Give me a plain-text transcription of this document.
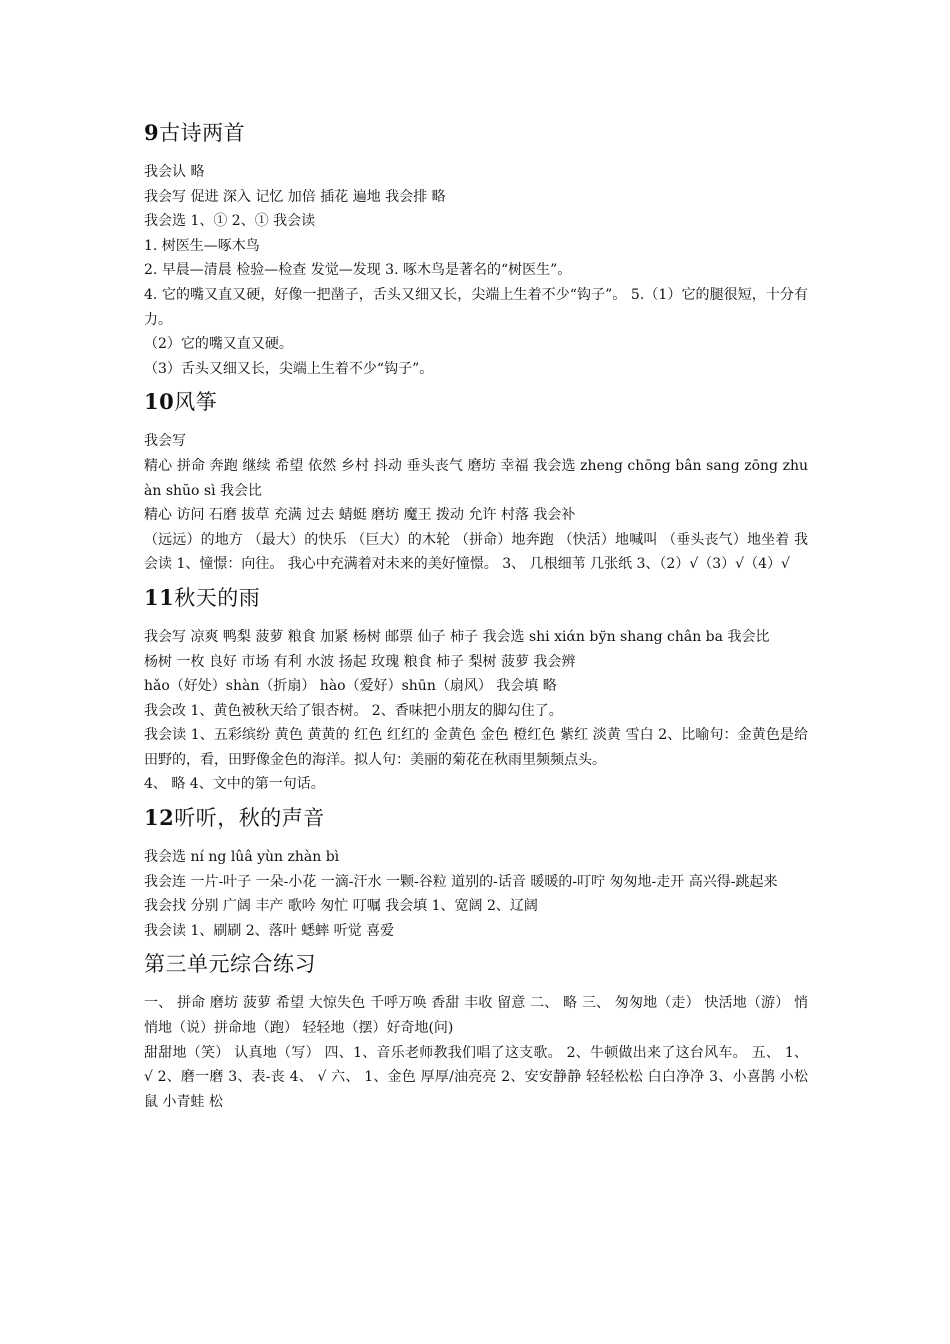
9古诗两首

我会认 略

我会写 促进 深入 记忆 加倍 插花 遍地 我会排 略

我会选 1、① 2、① 我会读

1. 树医生—啄木鸟

2. 早晨—清晨 检验—检查 发觉—发现 3. 啄木鸟是著名的“树医生”。

4. 它的嘴又直又硬，好像一把凿子，舌头又细又长，尖端上生着不少“钩子”。 5.（1）它的腿很短，十分有力。

（2）它的嘴又直又硬。

（3）舌头又细又长，尖端上生着不少“钩子”。

10风筝

我会写

精心 拼命 奔跑 继续 希望 依然 乡村 抖动 垂头丧气 磨坊 幸福 我会选 zheng chōng bân sang zōng zhuàn shŭo sì 我会比

精心 访问 石磨 拔草 充满 过去 蜻蜓 磨坊 魔王 拨动 允许 村落 我会补

（远远）的地方 （最大）的快乐 （巨大）的木轮 （拼命）地奔跑 （快活）地喊叫 （垂头丧气）地坐着 我会读 1、憧憬：向往。 我心中充满着对未来的美好憧憬。 3、 几根细苇 几张纸 3、（2）√（3）√（4）√

11秋天的雨

我会写 凉爽 鸭梨 菠萝 粮食 加紧 杨树 邮票 仙子 柿子 我会选 shi xiάn bўn shang chân ba 我会比

杨树 一枚 良好 市场 有利 水波 扬起 玫瑰 粮食 柿子 梨树 菠萝 我会辨

hǎo（好处）shàn（折扇） hào（爱好）shūn（扇风） 我会填 略

我会改 1、黄色被秋天给了银杏树。 2、香味把小朋友的脚勾住了。

我会读 1、五彩缤纷 黄色 黄黄的 红色 红红的 金黄色 金色 橙红色 紫红 淡黄 雪白 2、比喻句：金黄色是给田野的，看，田野像金色的海洋。拟人句：美丽的菊花在秋雨里频频点头。

4、 略 4、文中的第一句话。

12听听，秋的声音

我会选 ní ng lûâ yùn zhàn bì

我会连 一片-叶子 一朵-小花 一滴-汗水 一颗-谷粒 道别的-话音 暖暖的-叮咛 匆匆地-走开 高兴得-跳起来

我会找 分别 广阔 丰产 歌吟 匆忙 叮嘱 我会填 1、宽阔 2、辽阔

我会读 1、刷刷 2、落叶 蟋蟀 听觉 喜爱

第三单元综合练习

一、 拼命 磨坊 菠萝 希望 大惊失色 千呼万唤 香甜 丰收 留意 二、 略 三、 匆匆地（走） 快活地（游） 悄悄地（说）拼命地（跑） 轻轻地（摆）好奇地(问)

甜甜地（笑） 认真地（写） 四、1、音乐老师教我们唱了这支歌。 2、牛顿做出来了这台风车。 五、 1、 √ 2、磨一磨 3、表-丧 4、 √ 六、 1、金色 厚厚/油亮亮 2、安安静静 轻轻松松 白白净净 3、小喜鹊 小松鼠 小青蛙 松
